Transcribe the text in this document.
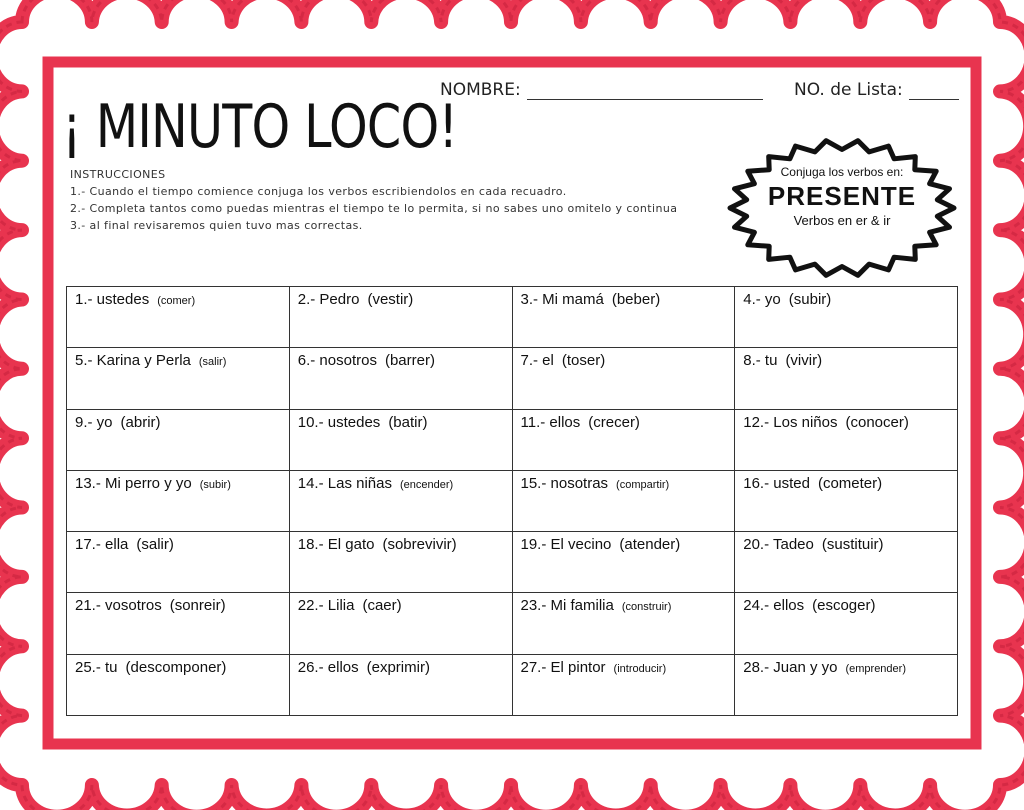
¡ MINUTO LOCO!
NOMBRE:	NO. de Lista:
INSTRUCCIONES
1.- Cuando el tiempo comience conjuga los verbos escribiendolos en cada recuadro.
2.- Completa tantos como puedas mientras el tiempo te lo permita, si no sabes uno omitelo y continua
3.- al final revisaremos quien tuvo mas correctas.
Conjuga los verbos en:
PRESENTE
Verbos en er & ir
1.- ustedes (comer)	2.- Pedro (vestir)	3.- Mi mamá (beber)	4.- yo (subir)
5.- Karina y Perla (salir)	6.- nosotros (barrer)	7.- el (toser)	8.- tu (vivir)
9.- yo (abrir)	10.- ustedes (batir)	11.- ellos (crecer)	12.- Los niños (conocer)
13.- Mi perro y yo (subir)	14.- Las niñas (encender)	15.- nosotras (compartir)	16.- usted (cometer)
17.- ella (salir)	18.- El gato (sobrevivir)	19.- El vecino (atender)	20.- Tadeo (sustituir)
21.- vosotros (sonreir)	22.- Lilia (caer)	23.- Mi familia (construir)	24.- ellos (escoger)
25.- tu (descomponer)	26.- ellos (exprimir)	27.- El pintor (introducir)	28.- Juan y yo (emprender)
